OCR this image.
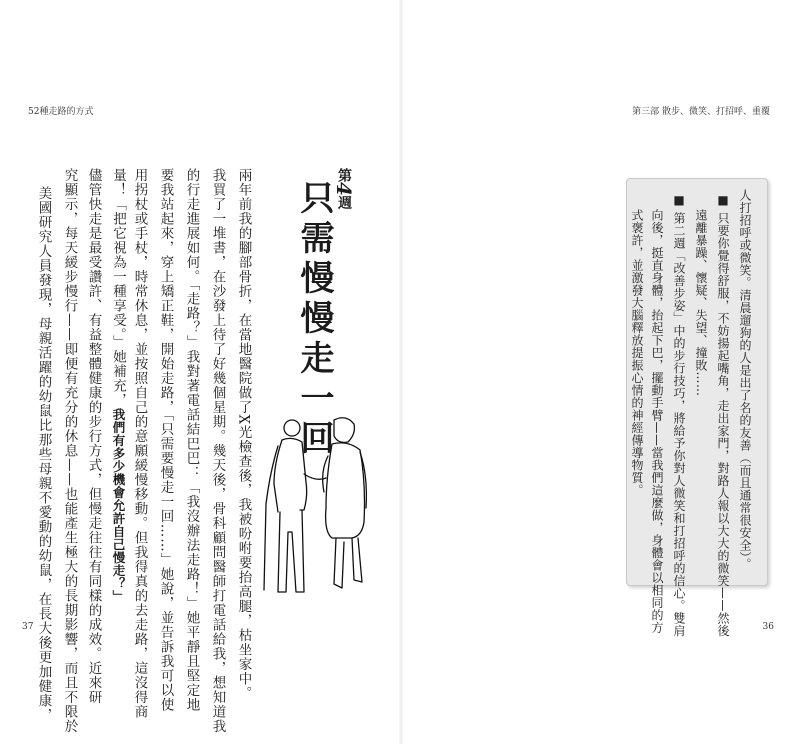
52種走路的方式	第三部 散步、微笑、打招呼、重覆
第4週
只需慢慢走一回
兩年前我的腳部骨折，在當地醫院做了X光檢查後，我被吩咐要抬高腿，枯坐家中。
我買了一堆書，在沙發上待了好幾個星期。幾天後，骨科顧問醫師打電話給我，想知道我
的行走進展如何。「走路？」我對著電話結巴巴：「我沒辦法走路！」她平靜且堅定地
要我站起來，穿上矯正鞋，開始走路，「只需要慢走一回……」她說，並告訴我可以使
用拐杖或手杖，時常休息，並按照自己的意願緩慢移動。但我得真的去走路，這沒得商
量！「把它視為一種享受。」她補充，我們有多少機會允許自己慢走？」
儘管快走是最受讚許、有益整體健康的步行方式，但慢走往往有同樣的成效。近來研
究顯示，每天緩步慢行——即便有充分的休息——也能產生極大的長期影響，而且不限於
美國研究人員發現，母親活躍的幼鼠比那些母親不愛動的幼鼠，在長大後更加健康，	人打招呼或微笑。清晨遛狗的人是出了名的友善（而且通常很安全）。
■ 只要你覺得舒服，不妨揚起嘴角，走出家門，對路人報以大大的微笑——然後
遠離暴躁、懷疑、失望、撞敗……
■ 第二週「改善步姿」中的步行技巧，將給予你對人微笑和打招呼的信心。雙肩
向後，挺直身體，抬起下巴，擺動手臂——當我們這麼做，身體會以相同的方
式褒許，並激發大腦釋放提振心情的神經傳導物質。
37	36
